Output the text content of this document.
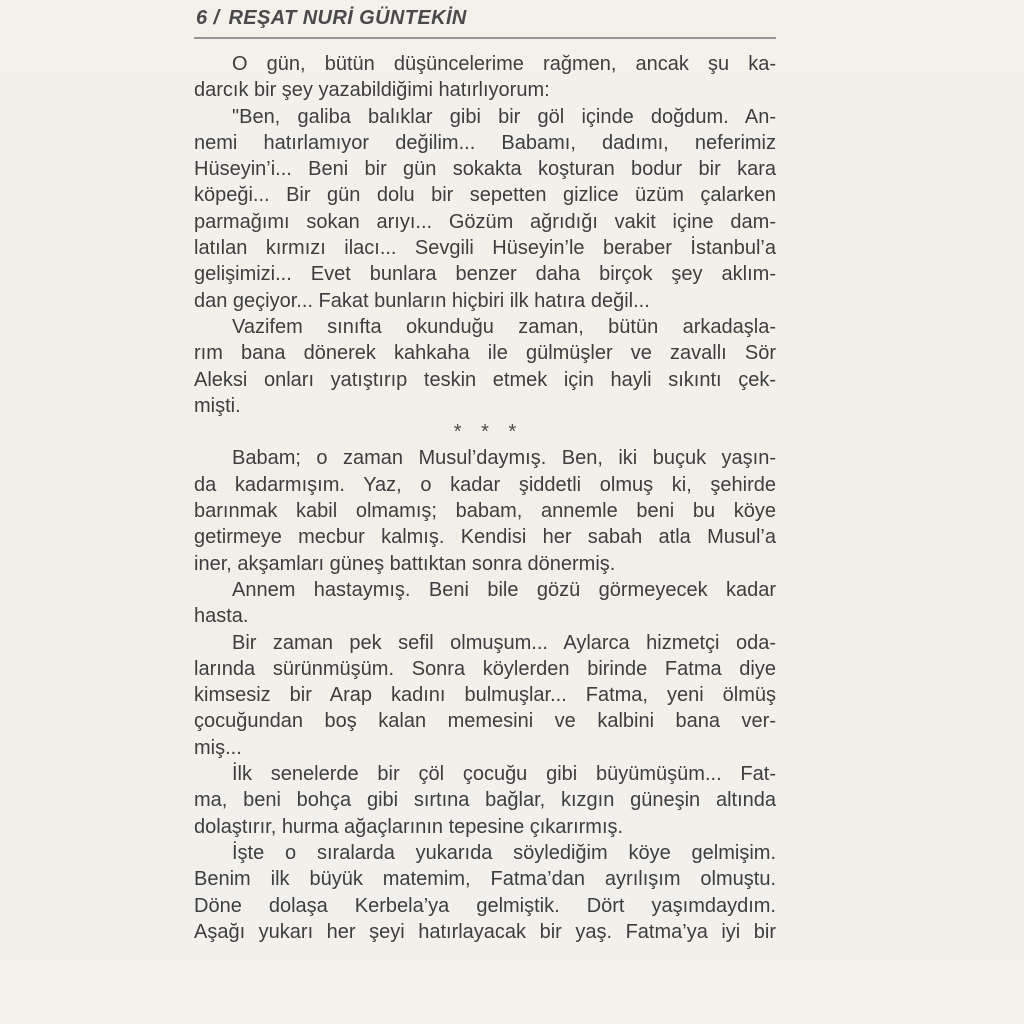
6 / REŞAT NURİ GÜNTEKİN

O gün, bütün düşüncelerime rağmen, ancak şu ka-
darcık bir şey yazabildiğimi hatırlıyorum:

"Ben, galiba balıklar gibi bir göl içinde doğdum. An-
nemi hatırlamıyor değilim... Babamı, dadımı, neferimiz
Hüseyin’i... Beni bir gün sokakta koşturan bodur bir kara
köpeği... Bir gün dolu bir sepetten gizlice üzüm çalarken
parmağımı sokan arıyı... Gözüm ağrıdığı vakit içine dam-
latılan kırmızı ilacı... Sevgili Hüseyin’le beraber İstanbul’a
gelişimizi... Evet bunlara benzer daha birçok şey aklım-
dan geçiyor... Fakat bunların hiçbiri ilk hatıra değil...

Vazifem sınıfta okunduğu zaman, bütün arkadaşla-
rım bana dönerek kahkaha ile gülmüşler ve zavallı Sör
Aleksi onları yatıştırıp teskin etmek için hayli sıkıntı çek-
mişti.

* * *

Babam; o zaman Musul’daymış. Ben, iki buçuk yaşın-
da kadarmışım. Yaz, o kadar şiddetli olmuş ki, şehirde
barınmak kabil olmamış; babam, annemle beni bu köye
getirmeye mecbur kalmış. Kendisi her sabah atla Musul’a
iner, akşamları güneş battıktan sonra dönermiş.

Annem hastaymış. Beni bile gözü görmeyecek kadar
hasta.

Bir zaman pek sefil olmuşum... Aylarca hizmetçi oda-
larında sürünmüşüm. Sonra köylerden birinde Fatma diye
kimsesiz bir Arap kadını bulmuşlar... Fatma, yeni ölmüş
çocuğundan boş kalan memesini ve kalbini bana ver-
miş...

İlk senelerde bir çöl çocuğu gibi büyümüşüm... Fat-
ma, beni bohça gibi sırtına bağlar, kızgın güneşin altında
dolaştırır, hurma ağaçlarının tepesine çıkarırmış.

İşte o sıralarda yukarıda söylediğim köye gelmişim.
Benim ilk büyük matemim, Fatma’dan ayrılışım olmuştu.
Döne dolaşa Kerbela’ya gelmiştik. Dört yaşımdaydım.
Aşağı yukarı her şeyi hatırlayacak bir yaş. Fatma’ya iyi bir
